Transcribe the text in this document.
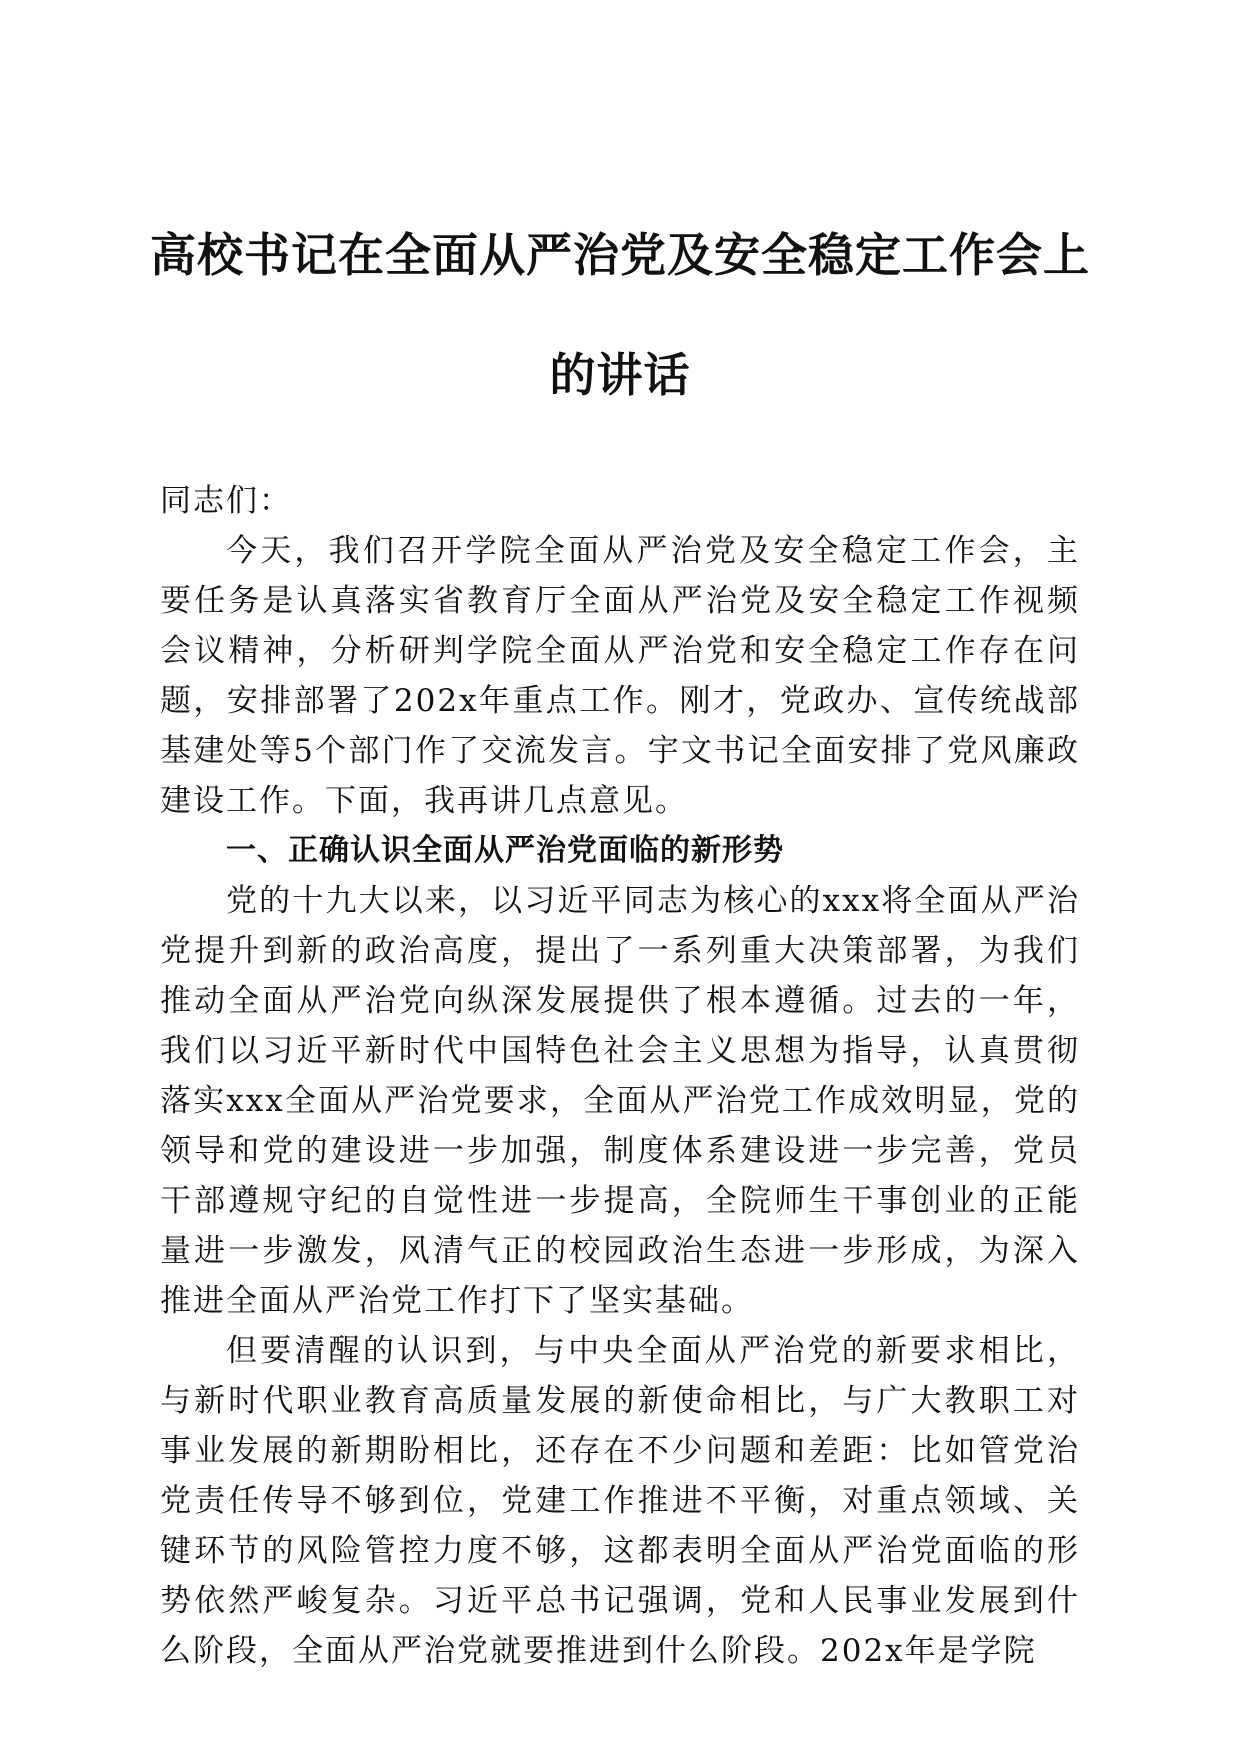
高校书记在全面从严治党及安全稳定工作会上
的讲话

同志们：

今天，我们召开学院全面从严治党及安全稳定工作会，主要任务是认真落实省教育厅全面从严治党及安全稳定工作视频会议精神，分析研判学院全面从严治党和安全稳定工作存在问题，安排部署了202x年重点工作。刚才，党政办、宣传统战部基建处等5个部门作了交流发言。宇文书记全面安排了党风廉政建设工作。下面，我再讲几点意见。

一、正确认识全面从严治党面临的新形势

党的十九大以来，以习近平同志为核心的xxx将全面从严治党提升到新的政治高度，提出了一系列重大决策部署，为我们推动全面从严治党向纵深发展提供了根本遵循。过去的一年，我们以习近平新时代中国特色社会主义思想为指导，认真贯彻落实xxx全面从严治党要求，全面从严治党工作成效明显，党的领导和党的建设进一步加强，制度体系建设进一步完善，党员干部遵规守纪的自觉性进一步提高，全院师生干事创业的正能量进一步激发，风清气正的校园政治生态进一步形成，为深入推进全面从严治党工作打下了坚实基础。

但要清醒的认识到，与中央全面从严治党的新要求相比，与新时代职业教育高质量发展的新使命相比，与广大教职工对事业发展的新期盼相比，还存在不少问题和差距：比如管党治党责任传导不够到位，党建工作推进不平衡，对重点领域、关键环节的风险管控力度不够，这都表明全面从严治党面临的形势依然严峻复杂。习近平总书记强调，党和人民事业发展到什么阶段，全面从严治党就要推进到什么阶段。202x年是学院
